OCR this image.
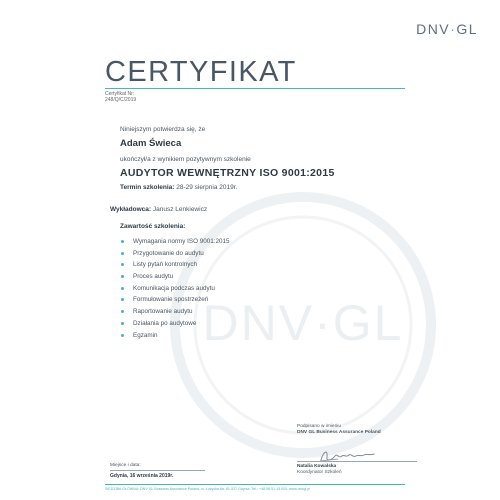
DNV·GL
CERTYFIKAT
Certyfikat Nr:
248/Q/C/2019
DNV·GL
Niniejszym potwierdza się, że
Adam Świeca
ukończył/a z wynikiem pozytywnym szkolenie
AUDYTOR WEWNĘTRZNY ISO 9001:2015
Termin szkolenia: 28-29 sierpnia 2019r.
Wykładowca: Janusz Lenkiewicz
Zawartość szkolenia:
Wymagania normy ISO 9001:2015
Przygotowanie do audytu
Listy pytań kontrolnych
Proces audytu
Komunikacja podczas audytu
Formułowanie spostrzeżeń
Raportowanie audytu
Działania po audytowe
Egzamin
Podpisano w imieniu
DNV GL Business Assurance Poland
Natalia Kowalska
Koordynator Szkoleń
Miejsce i data:
Gdynia, 16 września 2019r.
SIEDZIBA GŁÓWNA: DNV GL Business Assurance Poland, ul. Łużycka 6a, 81-537 Gdynia, Tel.: +48 58 51 15 000, www.dnvgl.pl
